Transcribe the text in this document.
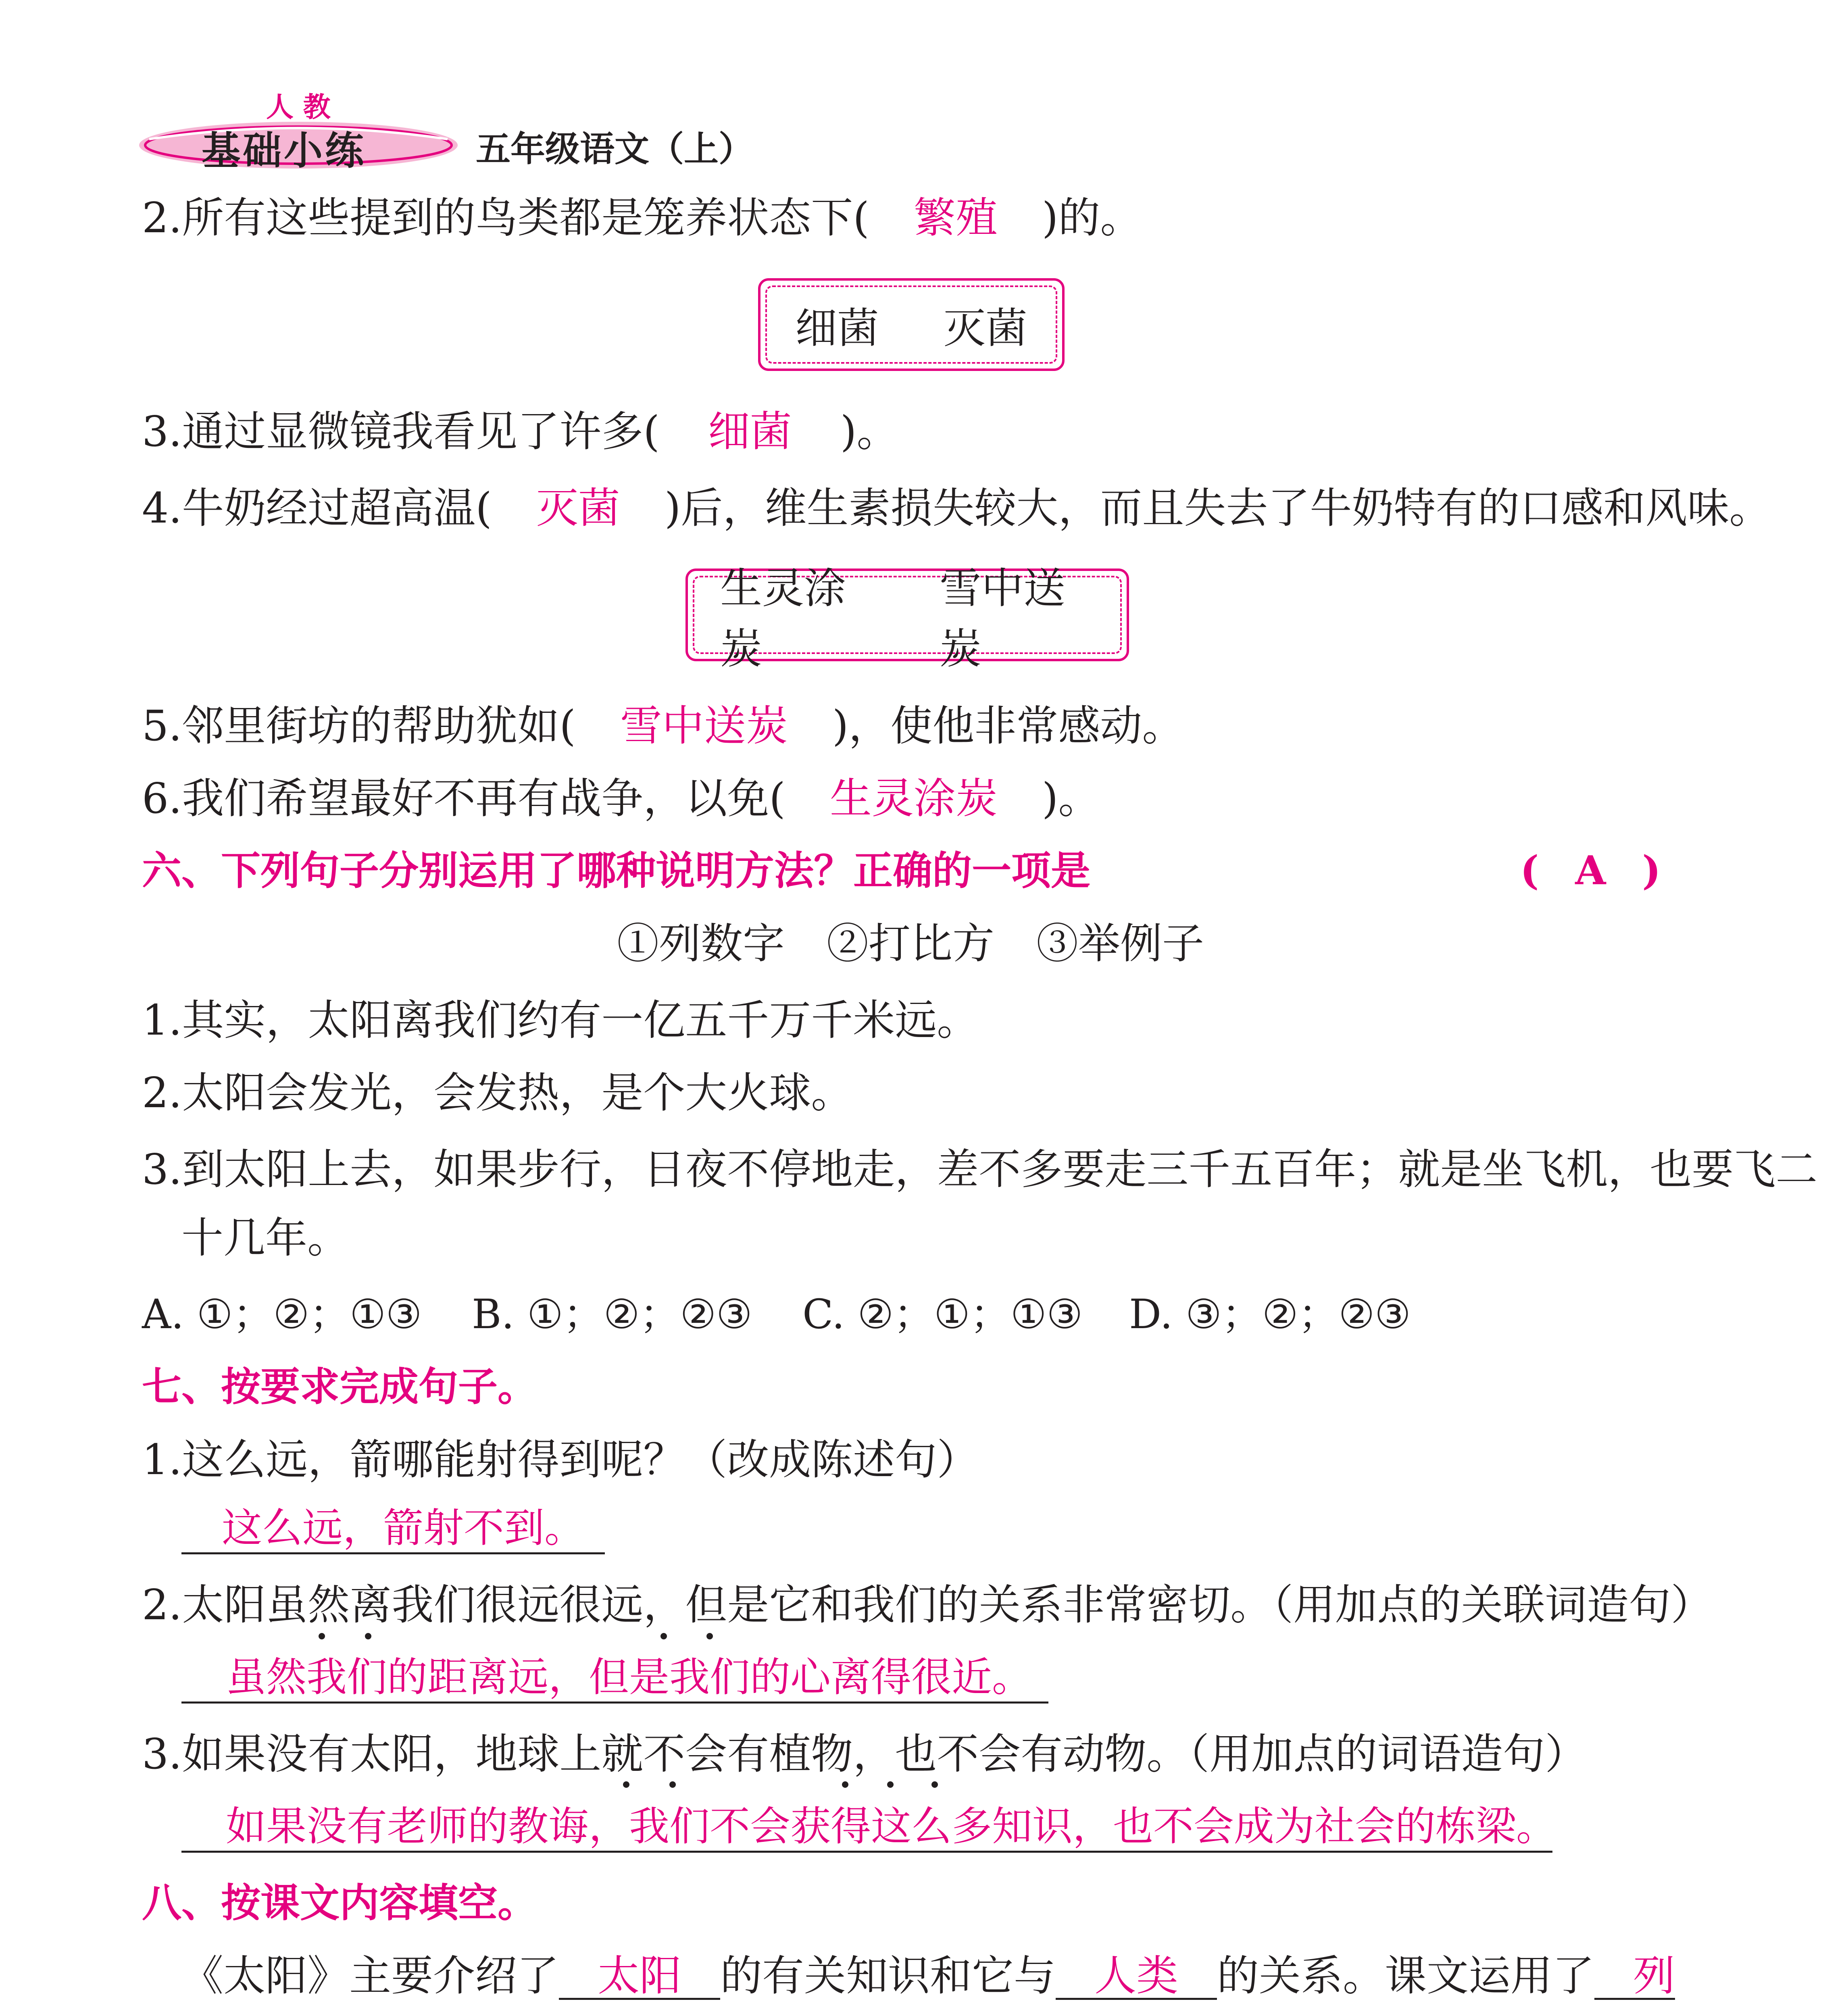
人 教
基础小练	五年级语文（上）
2.所有这些提到的鸟类都是笼养状态下( 繁殖 )的。
细菌 灭菌
3.通过显微镜我看见了许多( 细菌 )。
4.牛奶经过超高温( 灭菌 )后，维生素损失较大，而且失去了牛奶特有的口感和风味。
生灵涂炭
雪中送炭
5.邻里街坊的帮助犹如( 雪中送炭 )，使他非常感动。
6.我们希望最好不再有战争，以免( 生灵涂炭 )。
六、下列句子分别运用了哪种说明方法？正确的一项是	( A )
①列数字　②打比方　③举例子
1.其实，太阳离我们约有一亿五千万千米远。
2.太阳会发光，会发热，是个大火球。
3.到太阳上去，如果步行，日夜不停地走，差不多要走三千五百年；就是坐飞机，也要飞二
十几年。
A. ①；②；①③ B. ①；②；②③ C. ②；①；①③ D. ③；②；②③
七、按要求完成句子。
1.这么远，箭哪能射得到呢？（改成陈述句）
这么远，箭射不到。
2.太阳虽然离我们很远很远，但是它和我们的关系非常密切。（用加点的关联词造句）
虽然我们的距离远，但是我们的心离得很近。
3.如果没有太阳，地球上就不会有植物，也不会有动物。（用加点的词语造句）
如果没有老师的教诲，我们不会获得这么多知识，也不会成为社会的栋梁。
八、按课文内容填空。
《太阳》主要介绍了 太阳 的有关知识和它与 人类 的关系。课文运用了 列
